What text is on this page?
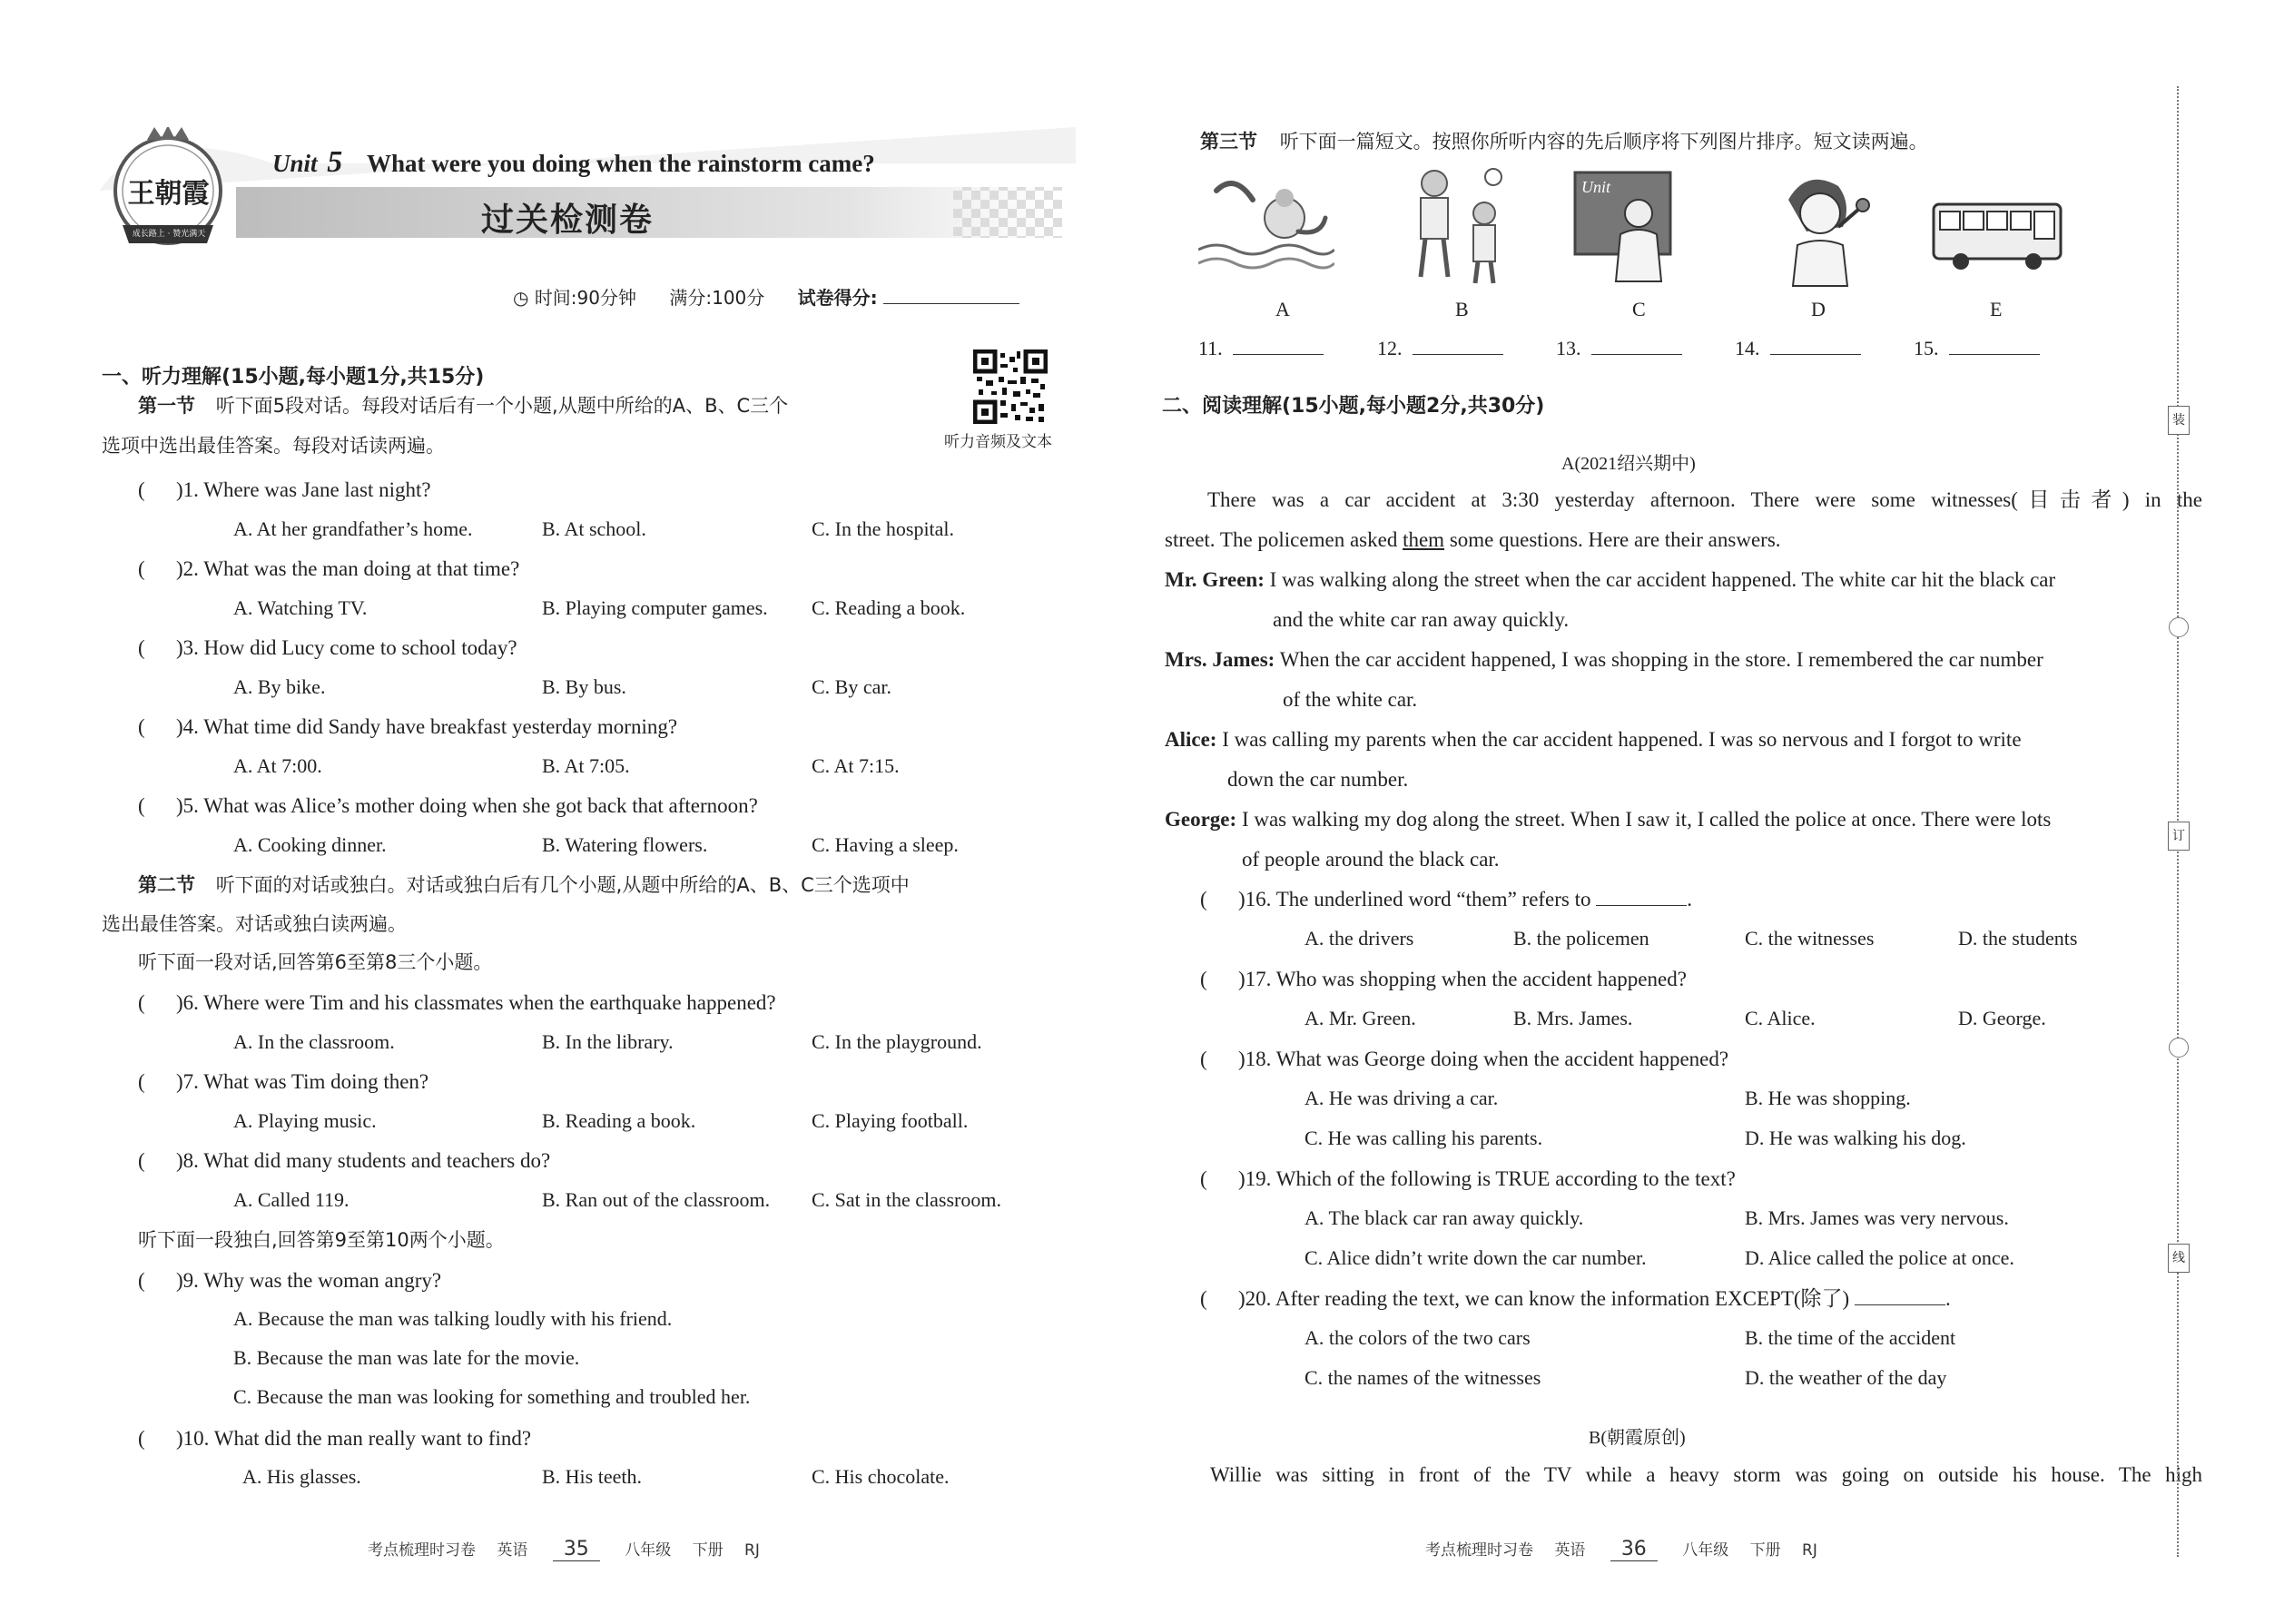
王朝霞
成长路上 · 赞光满天
Unit 5 What were you doing when the rainstorm came?
过关检测卷
◷ 时间:90分钟 满分:100分 试卷得分:
听力音频及文本
一、听力理解(15小题,每小题1分,共15分)
第一节 听下面5段对话。每段对话后有一个小题,从题中所给的A、B、C三个
选项中选出最佳答案。每段对话读两遍。
( )1. Where was Jane last night?
A. At her grandfather’s home.	B. At school.	C. In the hospital.
( )2. What was the man doing at that time?
A. Watching TV.	B. Playing computer games. C. Reading a book.
( )3. How did Lucy come to school today?
A. By bike.	B. By bus.	C. By car.
( )4. What time did Sandy have breakfast yesterday morning?
A. At 7:00.	B. At 7:05.	C. At 7:15.
( )5. What was Alice’s mother doing when she got back that afternoon?
A. Cooking dinner.	B. Watering flowers.	C. Having a sleep.
第二节 听下面的对话或独白。对话或独白后有几个小题,从题中所给的A、B、C三个选项中
选出最佳答案。对话或独白读两遍。
听下面一段对话,回答第6至第8三个小题。
( )6. Where were Tim and his classmates when the earthquake happened?
A. In the classroom.	B. In the library.	C. In the playground.
( )7. What was Tim doing then?
A. Playing music.	B. Reading a book.	C. Playing football.
( )8. What did many students and teachers do?
A. Called 119.	B. Ran out of the classroom. C. Sat in the classroom.
听下面一段独白,回答第9至第10两个小题。
( )9. Why was the woman angry?
A. Because the man was talking loudly with his friend.
B. Because the man was late for the movie.
C. Because the man was looking for something and troubled her.
( )10. What did the man really want to find?
A. His glasses.	B. His teeth.	C. His chocolate.
考点梳理时习卷 英语 35 八年级 下册 RJ
第三节 听下面一篇短文。按照你所听内容的先后顺序将下列图片排序。短文读两遍。
Unit
A	B	C	D	E
11.	12.	13.	14.	15.
二、阅读理解(15小题,每小题2分,共30分)
A(2021绍兴期中)
There was a car accident at 3:30 yesterday afternoon. There were some witnesses(目击者) in the
street. The policemen asked them some questions. Here are their answers.
Mr. Green: I was walking along the street when the car accident happened. The white car hit the black car
and the white car ran away quickly.
Mrs. James: When the car accident happened, I was shopping in the store. I remembered the car number
of the white car.
Alice: I was calling my parents when the car accident happened. I was so nervous and I forgot to write
down the car number.
George: I was walking my dog along the street. When I saw it, I called the police at once. There were lots
of people around the black car.
( )16. The underlined word “them” refers to	.
A. the drivers	B. the policemen	C. the witnesses	D. the students
( )17. Who was shopping when the accident happened?
A. Mr. Green.	B. Mrs. James.	C. Alice.	D. George.
( )18. What was George doing when the accident happened?
A. He was driving a car.	B. He was shopping.
C. He was calling his parents.	D. He was walking his dog.
( )19. Which of the following is TRUE according to the text?
A. The black car ran away quickly.	B. Mrs. James was very nervous.
C. Alice didn’t write down the car number.	D. Alice called the police at once.
( )20. After reading the text, we can know the information EXCEPT(除了)	.
A. the colors of the two cars	B. the time of the accident
C. the names of the witnesses	D. the weather of the day
B(朝霞原创)
Willie was sitting in front of the TV while a heavy storm was going on outside his house. The high
考点梳理时习卷 英语 36 八年级 下册 RJ
装
订
线
